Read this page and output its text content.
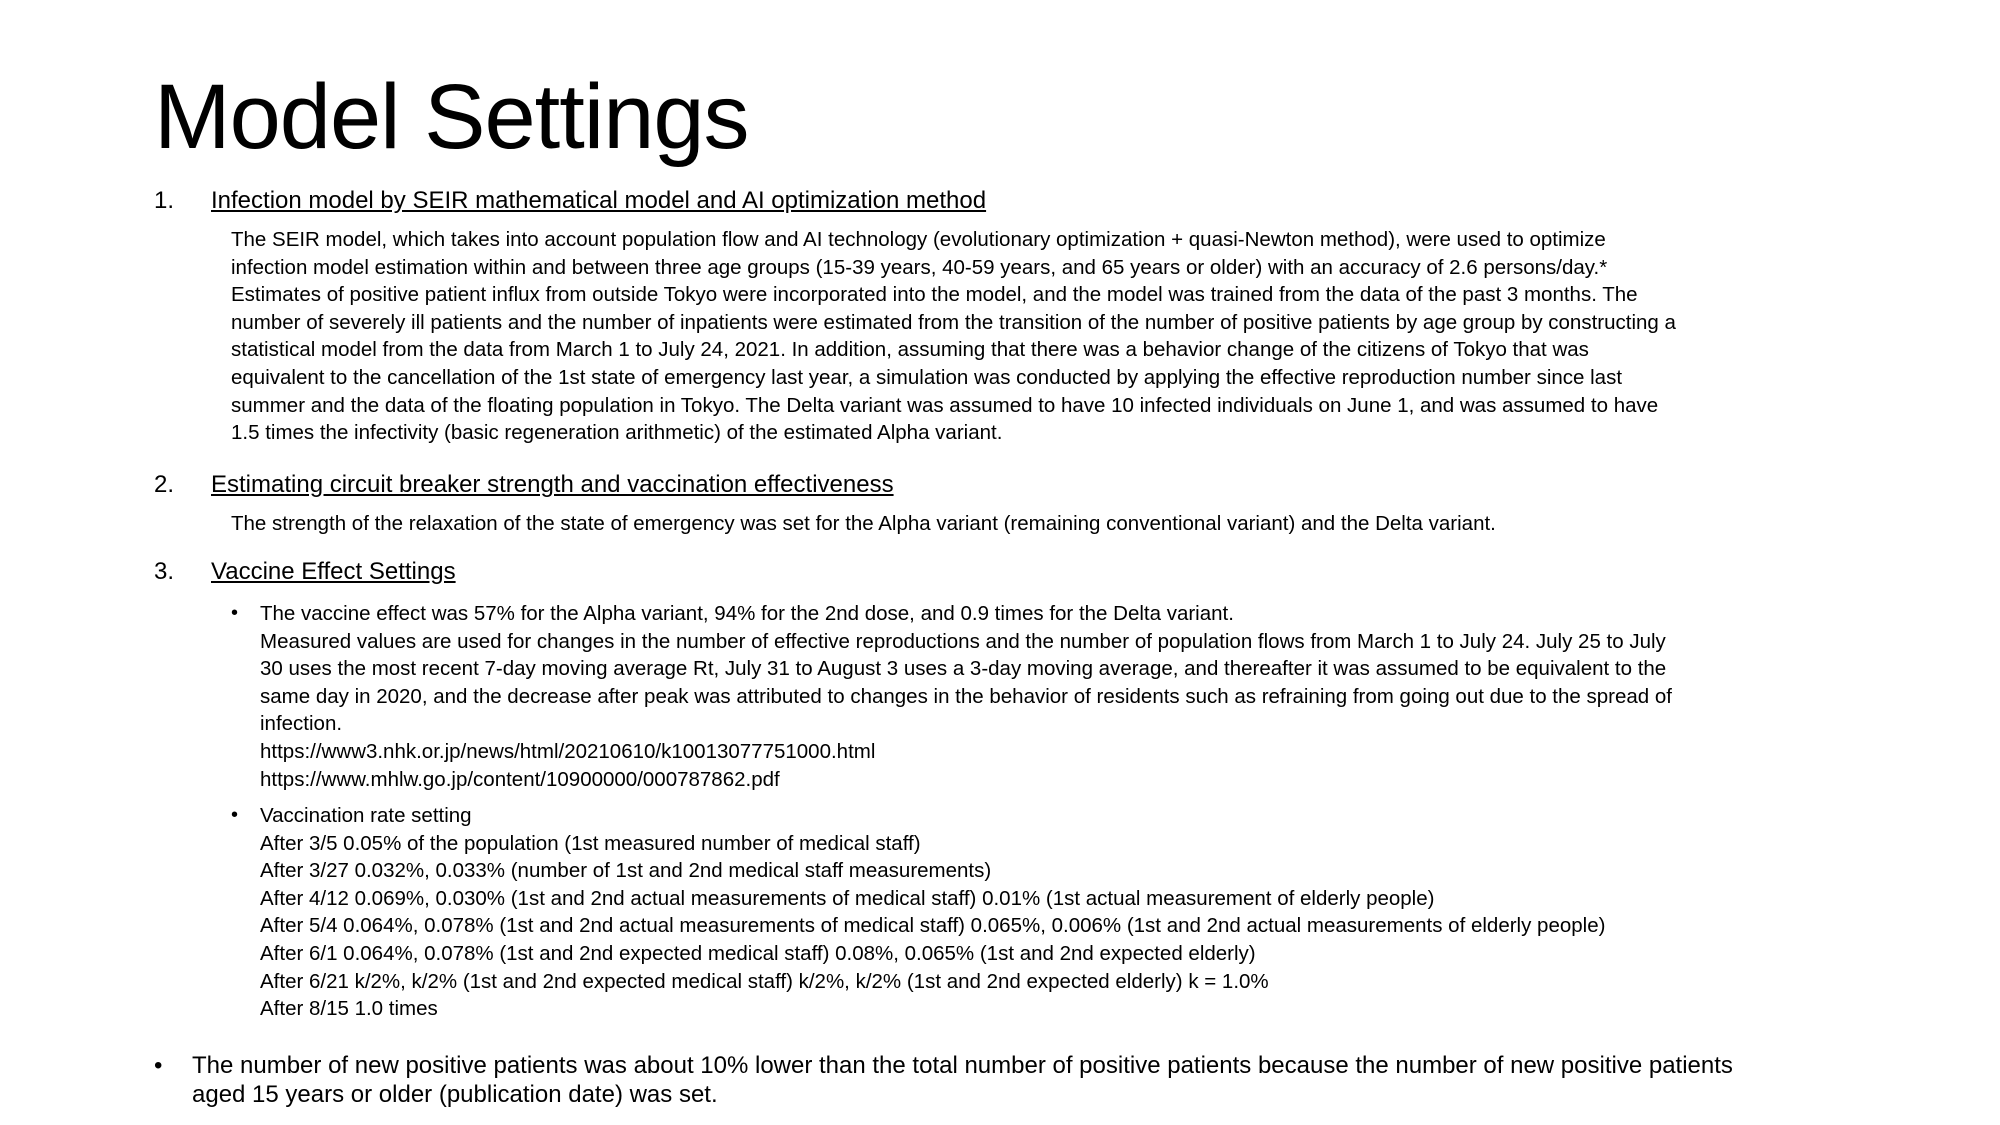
Model Settings
1. Infection model by SEIR mathematical model and AI optimization method
The SEIR model, which takes into account population flow and AI technology (evolutionary optimization + quasi-Newton method), were used to optimize
infection model estimation within and between three age groups (15-39 years, 40-59 years, and 65 years or older) with an accuracy of 2.6 persons/day.*
Estimates of positive patient influx from outside Tokyo were incorporated into the model, and the model was trained from the data of the past 3 months. The
number of severely ill patients and the number of inpatients were estimated from the transition of the number of positive patients by age group by constructing a
statistical model from the data from March 1 to July 24, 2021. In addition, assuming that there was a behavior change of the citizens of Tokyo that was
equivalent to the cancellation of the 1st state of emergency last year, a simulation was conducted by applying the effective reproduction number since last
summer and the data of the floating population in Tokyo. The Delta variant was assumed to have 10 infected individuals on June 1, and was assumed to have
1.5 times the infectivity (basic regeneration arithmetic) of the estimated Alpha variant.
2. Estimating circuit breaker strength and vaccination effectiveness
The strength of the relaxation of the state of emergency was set for the Alpha variant (remaining conventional variant) and the Delta variant.
3. Vaccine Effect Settings
• The vaccine effect was 57% for the Alpha variant, 94% for the 2nd dose, and 0.9 times for the Delta variant.
Measured values are used for changes in the number of effective reproductions and the number of population flows from March 1 to July 24. July 25 to July
30 uses the most recent 7-day moving average Rt, July 31 to August 3 uses a 3-day moving average, and thereafter it was assumed to be equivalent to the
same day in 2020, and the decrease after peak was attributed to changes in the behavior of residents such as refraining from going out due to the spread of
infection.
https://www3.nhk.or.jp/news/html/20210610/k10013077751000.html
https://www.mhlw.go.jp/content/10900000/000787862.pdf
• Vaccination rate setting
After 3/5 0.05% of the population (1st measured number of medical staff)
After 3/27 0.032%, 0.033% (number of 1st and 2nd medical staff measurements)
After 4/12 0.069%, 0.030% (1st and 2nd actual measurements of medical staff) 0.01% (1st actual measurement of elderly people)
After 5/4 0.064%, 0.078% (1st and 2nd actual measurements of medical staff) 0.065%, 0.006% (1st and 2nd actual measurements of elderly people)
After 6/1 0.064%, 0.078% (1st and 2nd expected medical staff) 0.08%, 0.065% (1st and 2nd expected elderly)
After 6/21 k/2%, k/2% (1st and 2nd expected medical staff) k/2%, k/2% (1st and 2nd expected elderly) k = 1.0%
After 8/15 1.0 times
• The number of new positive patients was about 10% lower than the total number of positive patients because the number of new positive patients
aged 15 years or older (publication date) was set.
